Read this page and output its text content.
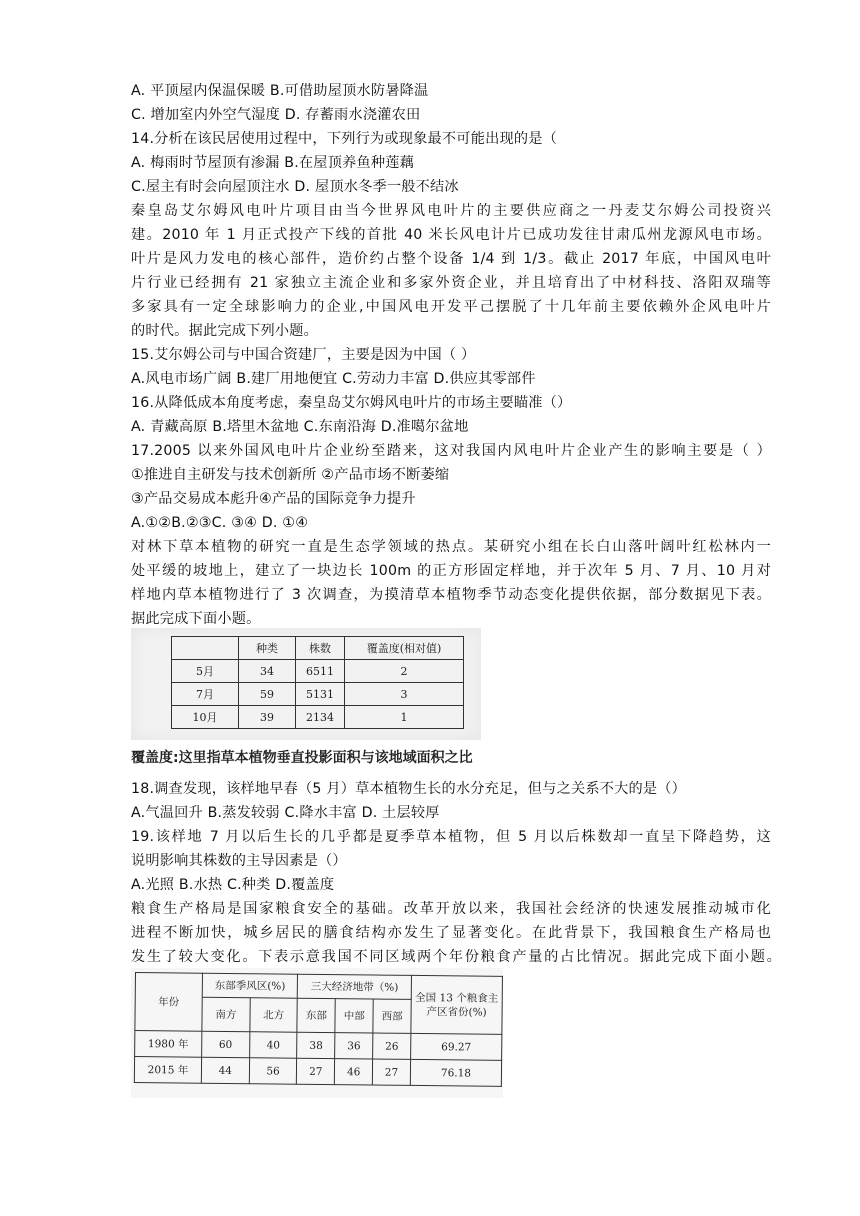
A. 平顶屋内保温保暖 B.可借助屋顶水防暑降温
C. 增加室内外空气湿度 D. 存蓄雨水浇灌农田
14.分析在该民居使用过程中，下列行为或现象最不可能出现的是（
A. 梅雨时节屋顶有渗漏 B.在屋顶养鱼种莲藕
C.屋主有时会向屋顶注水 D. 屋顶水冬季一般不结冰
秦皇岛艾尔姆风电叶片项目由当今世界风电叶片的主要供应商之一丹麦艾尔姆公司投资兴
建。2010 年 1 月正式投产下线的首批 40 米长风电计片已成功发往甘肃瓜州龙源风电市场。
叶片是风力发电的核心部件，造价约占整个设备 1/4 到 1/3。截止 2017 年底，中国风电叶
片行业已经拥有 21 家独立主流企业和多家外资企业，并且培育出了中材科技、洛阳双瑞等
多家具有一定全球影响力的企业,中国风电开发平己摆脱了十几年前主要依赖外企风电叶片
的时代。据此完成下列小题。
15.艾尔姆公司与中国合资建厂，主要是因为中国（ ）
A.风电市场广阔 B.建厂用地便宜 C.劳动力丰富 D.供应其零部件
16.从降低成本角度考虑，秦皇岛艾尔姆风电叶片的市场主要瞄准（）
A. 青藏高原 B.塔里木盆地 C.东南沿海 D.准噶尔盆地
17.2005 以来外国风电叶片企业纷至踏来，这对我国内风电叶片企业产生的影响主要是（ ）
①推进自主研发与技术创新所 ②产品市场不断萎缩
③产品交易成本彪升④产品的国际竞争力提升
A.①②B.②③C. ③④ D. ①④
对林下草本植物的研究一直是生态学领域的热点。某研究小组在长白山落叶阔叶红松林内一
处平缓的坡地上，建立了一块边长 100m 的正方形固定样地，并于次年 5 月、7 月、10 月对
样地内草本植物进行了 3 次调查，为摸清草本植物季节动态变化提供依据，部分数据见下表。
	种类	株数	覆盖度(相对值)
5月	34	6511	2
7月	59	5131	3
10月	39	2134	1
覆盖度:这里指草本植物垂直投影面积与该地域面积之比
18.调查发现，该样地早春（5 月）草本植物生长的水分充足，但与之关系不大的是（）
A.气温回升 B.蒸发较弱 C.降水丰富 D. 土层较厚
19.该样地 7 月以后生长的几乎都是夏季草本植物，但 5 月以后株数却一直呈下降趋势，这
说明影响其株数的主导因素是（）
A.光照 B.水热 C.种类 D.覆盖度
粮食生产格局是国家粮食安全的基础。改革开放以来，我国社会经济的快速发展推动城市化
进程不断加快，城乡居民的膳食结构亦发生了显著变化。在此背景下，我国粮食生产格局也
发生了较大变化。下表示意我国不同区域两个年份粮食产量的占比情况。据此完成下面小题。
年份	东部季风区(%)		三大经济地带（%)			全国 13 个粮食主产区省份(%)
	南方	北方	东部	中部	西部	
1980 年	60	40	38	36	26	69.27
2015 年	44	56	27	46	27	76.18
据此完成下面小题。
